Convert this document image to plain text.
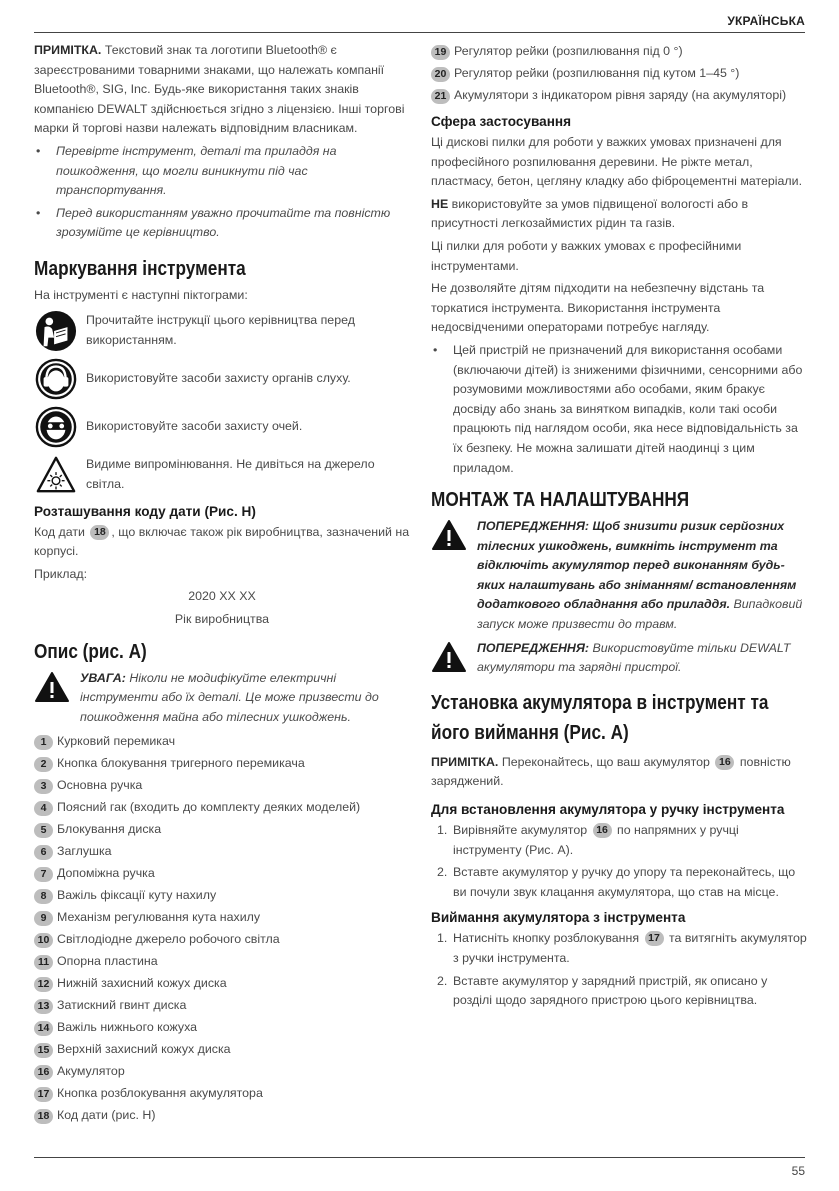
УКРАЇНСЬКА

ПРИМІТКА. Текстовий знак та логотипи Bluetooth® є зареєстрованими товарними знаками, що належать компанії Bluetooth®, SIG, Inc. Будь-яке використання таких знаків компанією DEWALT здійснюється згідно з ліцензією. Інші торгові марки й торгові назви належать відповідним власникам.

• Перевірте інструмент, деталі та приладдя на пошкодження, що могли виникнути під час транспортування.
• Перед використанням уважно прочитайте та повністю зрозумійте це керівництво.
Маркування інструмента

На інструменті є наступні піктограми:

Прочитайте інструкції цього керівництва перед використанням.
Використовуйте засоби захисту органів слуху.
Використовуйте засоби захисту очей.
Видиме випромінювання. Не дивіться на джерело світла.
Розташування коду дати (Рис. H)

Код дати 18 , що включає також рік виробництва, зазначений на корпусі.

Приклад:

2020 XX XX

Рік виробництва

Опис (рис. A)
УВАГА: Ніколи не модифікуйте електричні інструменти або їх деталі. Це може призвести до пошкодження майна або тілесних ушкоджень.
1 Курковий перемикач
2 Кнопка блокування тригерного перемикача
3 Основна ручка
4 Поясний гак (входить до комплекту деяких моделей)
5 Блокування диска
6 Заглушка
7 Допоміжна ручка
8 Важіль фіксації куту нахилу
9 Механізм регулювання кута нахилу
10 Світлодіодне джерело робочого світла
11 Опорна пластина
12 Нижній захисний кожух диска
13 Затискний гвинт диска
14 Важіль нижнього кожуха
15 Верхній захисний кожух диска
16 Акумулятор
17 Кнопка розблокування акумулятора
18 Код дати (рис. H)
19 Регулятор рейки (розпилювання під 0 °)
20 Регулятор рейки (розпилювання під кутом 1–45 °)
21 Акумулятори з індикатором рівня заряду (на акумуляторі)
Сфера застосування

Ці дискові пилки для роботи у важких умовах призначені для професійного розпилювання деревини. Не ріжте метал, пластмасу, бетон, цегляну кладку або фіброцементні матеріали.

НЕ використовуйте за умов підвищеної вологості або в присутності легкозаймистих рідин та газів.

Ці пилки для роботи у важких умовах є професійними інструментами.

Не дозволяйте дітям підходити на небезпечну відстань та торкатися інструмента. Використання інструмента недосвідченими операторами потребує нагляду.

• Цей пристрій не призначений для використання особами (включаючи дітей) із зниженими фізичними, сенсорними або розумовими можливостями або особами, яким бракує досвіду або знань за винятком випадків, коли такі особи працюють під наглядом особи, яка несе відповідальність за їх безпеку. Не можна залишати дітей наодинці з цим приладом.
МОНТАЖ ТА НАЛАШТУВАННЯ
ПОПЕРЕДЖЕННЯ: Щоб знизити ризик серйозних тілесних ушкоджень, вимкніть інструмент та відключіть акумулятор перед виконанням будь-яких налаштувань або зніманням/ встановленням додаткового обладнання або приладдя. Випадковий запуск може призвести до травм.
ПОПЕРЕДЖЕННЯ: Використовуйте тільки DEWALT акумулятори та зарядні пристрої.
Установка акумулятора в інструмент та його виймання (Рис. A)

ПРИМІТКА. Переконайтесь, що ваш акумулятор 16 повністю заряджений.

Для встановлення акумулятора у ручку інструмента
1. Вирівняйте акумулятор 16 по напрямних у ручці інструменту (Рис. A).
2. Вставте акумулятор у ручку до упору та переконайтесь, що ви почули звук клацання акумулятора, що став на місце.
Виймання акумулятора з інструмента
1. Натисніть кнопку розблокування 17 та витягніть акумулятор з ручки інструмента.
2. Вставте акумулятор у зарядний пристрій, як описано у розділі щодо зарядного пристрою цього керівництва.
55
